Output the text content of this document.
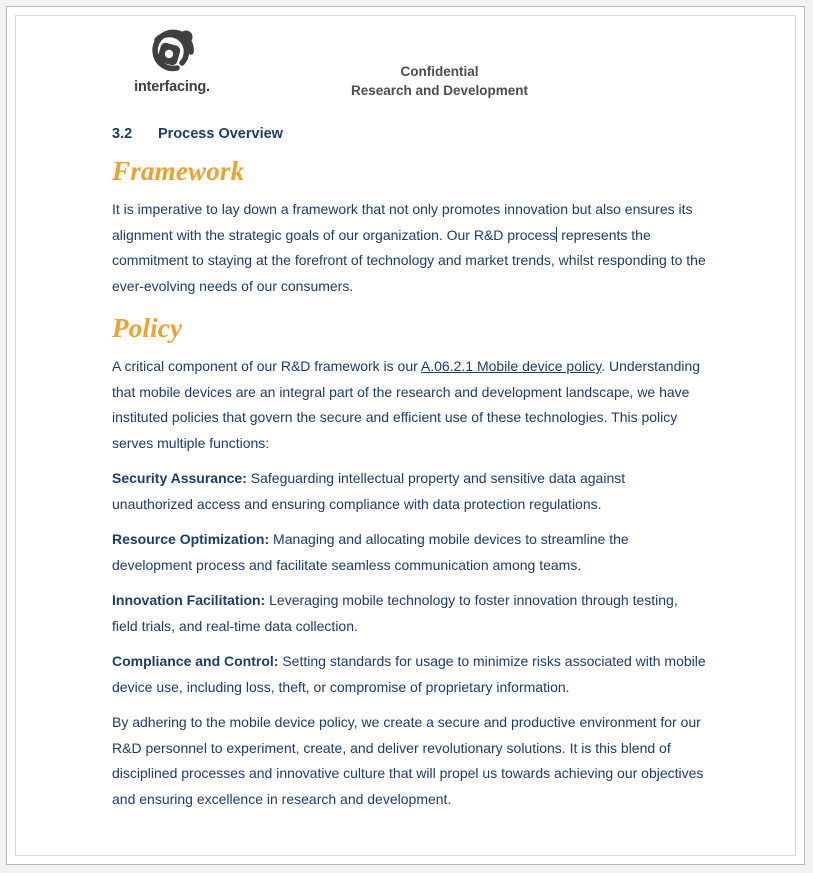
interfacing.
Confidential
Research and Development
3.2	Process Overview
Framework

It is imperative to lay down a framework that not only promotes innovation but also ensures its alignment with the strategic goals of our organization. Our R&D process represents the commitment to staying at the forefront of technology and market trends, whilst responding to the ever-evolving needs of our consumers.

Policy

A critical component of our R&D framework is our A.06.2.1 Mobile device policy. Understanding that mobile devices are an integral part of the research and development landscape, we have instituted policies that govern the secure and efficient use of these technologies. This policy serves multiple functions:

Security Assurance: Safeguarding intellectual property and sensitive data against unauthorized access and ensuring compliance with data protection regulations.

Resource Optimization: Managing and allocating mobile devices to streamline the development process and facilitate seamless communication among teams.

Innovation Facilitation: Leveraging mobile technology to foster innovation through testing, field trials, and real-time data collection.

Compliance and Control: Setting standards for usage to minimize risks associated with mobile device use, including loss, theft, or compromise of proprietary information.

By adhering to the mobile device policy, we create a secure and productive environment for our R&D personnel to experiment, create, and deliver revolutionary solutions. It is this blend of disciplined processes and innovative culture that will propel us towards achieving our objectives and ensuring excellence in research and development.
